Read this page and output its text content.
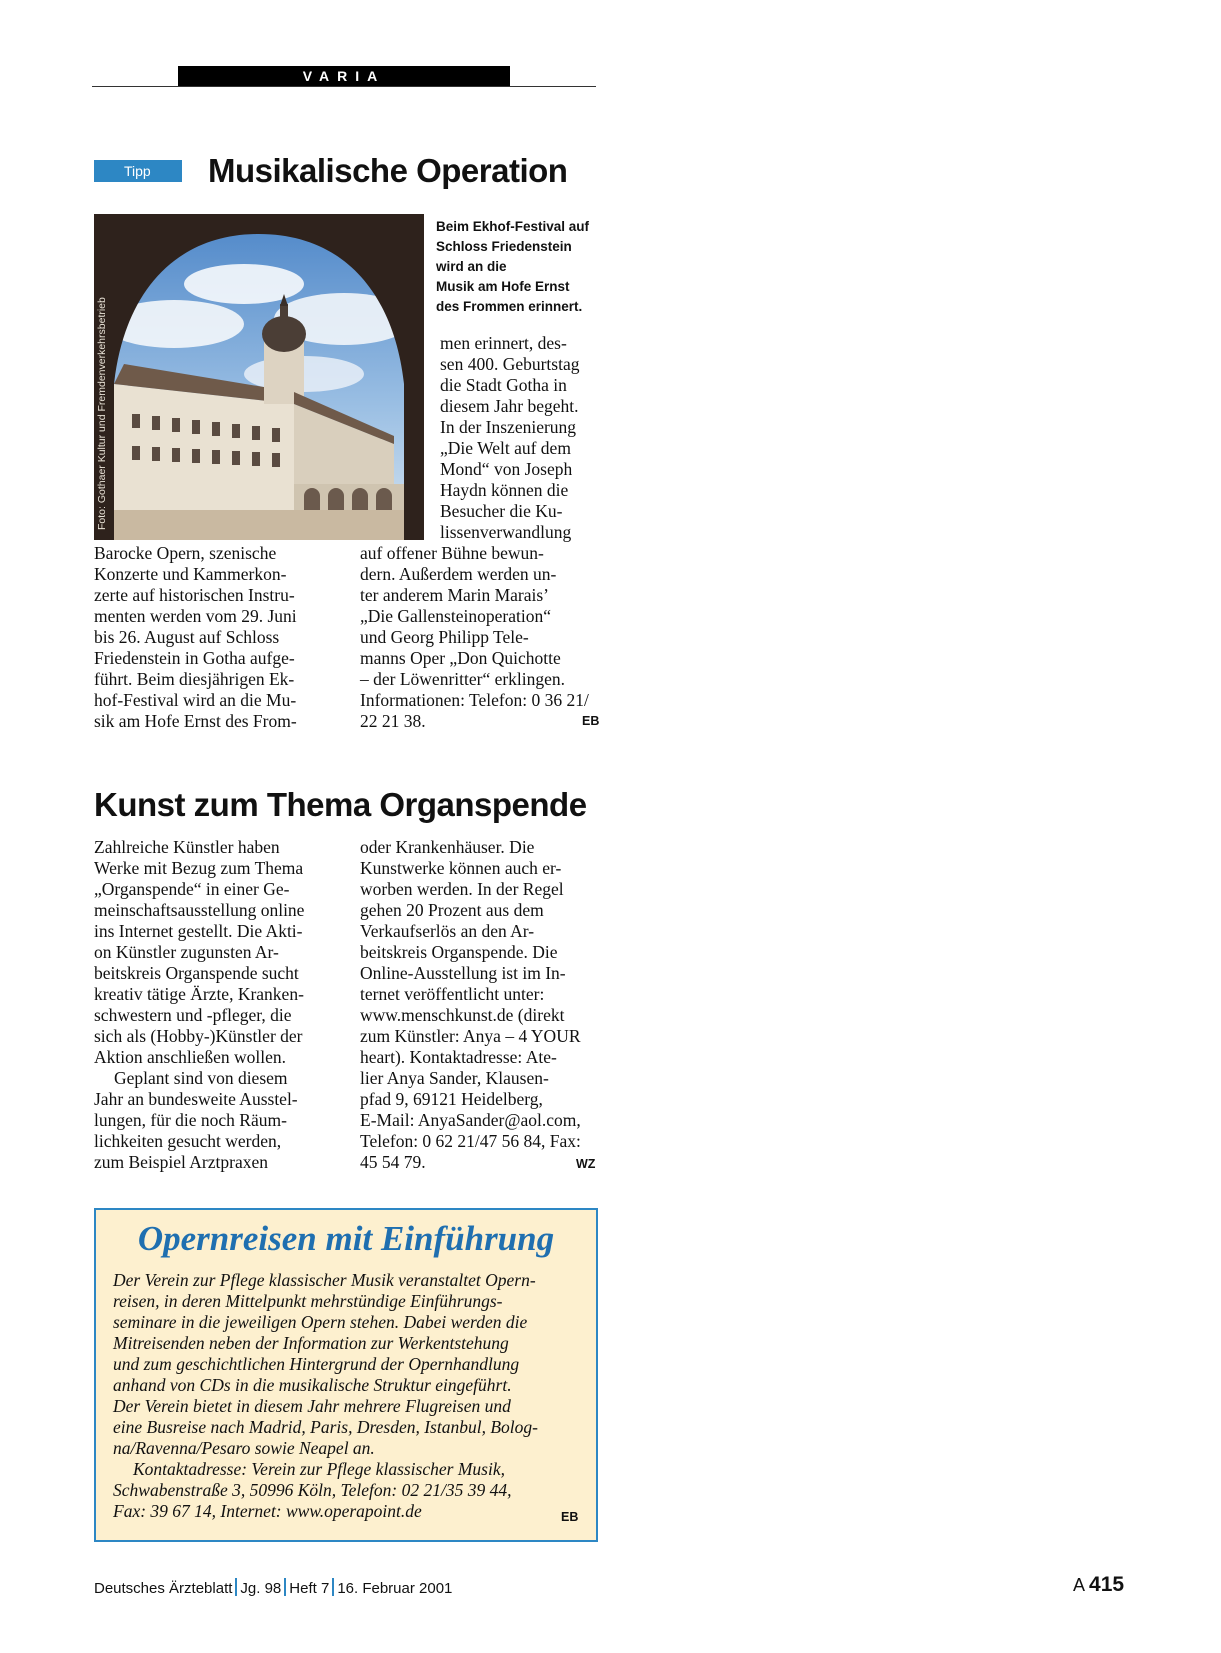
VARIA
Tipp	Musikalische Operation
Foto: Gothaer Kultur und Fremdenverkehrsbetrieb
Beim Ekhof-Festival auf
Schloss Friedenstein
wird an die
Musik am Hofe Ernst
des Frommen erinnert.
men erinnert, des-
sen 400. Geburtstag
die Stadt Gotha in
diesem Jahr begeht.
In der Inszenierung
„Die Welt auf dem
Mond“ von Joseph
Haydn können die
Besucher die Ku-
lissenverwandlung
Barocke Opern, szenische
Konzerte und Kammerkon-
zerte auf historischen Instru-
menten werden vom 29. Juni
bis 26. August auf Schloss
Friedenstein in Gotha aufge-
führt. Beim diesjährigen Ek-
hof-Festival wird an die Mu-
sik am Hofe Ernst des From-
auf offener Bühne bewun-
dern. Außerdem werden un-
ter anderem Marin Marais’
„Die Gallensteinoperation“
und Georg Philipp Tele-
manns Oper „Don Quichotte
– der Löwenritter“ erklingen.
Informationen: Telefon: 0 36 21/
22 21 38.	EB
Kunst zum Thema Organspende
Zahlreiche Künstler haben
Werke mit Bezug zum Thema
„Organspende“ in einer Ge-
meinschaftsausstellung online
ins Internet gestellt. Die Akti-
on Künstler zugunsten Ar-
beitskreis Organspende sucht
kreativ tätige Ärzte, Kranken-
schwestern und -pfleger, die
sich als (Hobby-)Künstler der
Aktion anschließen wollen.
Geplant sind von diesem
Jahr an bundesweite Ausstel-
lungen, für die noch Räum-
lichkeiten gesucht werden,
zum Beispiel Arztpraxen
oder Krankenhäuser. Die
Kunstwerke können auch er-
worben werden. In der Regel
gehen 20 Prozent aus dem
Verkaufserlös an den Ar-
beitskreis Organspende. Die
Online-Ausstellung ist im In-
ternet veröffentlicht unter:
www.menschkunst.de (direkt
zum Künstler: Anya – 4 YOUR
heart). Kontaktadresse: Ate-
lier Anya Sander, Klausen-
pfad 9, 69121 Heidelberg,
E-Mail: AnyaSander@aol.com,
Telefon: 0 62 21/47 56 84, Fax:
45 54 79.	WZ
Opernreisen mit Einführung
Der Verein zur Pflege klassischer Musik veranstaltet Opern-
reisen, in deren Mittelpunkt mehrstündige Einführungs-
seminare in die jeweiligen Opern stehen. Dabei werden die
Mitreisenden neben der Information zur Werkentstehung
und zum geschichtlichen Hintergrund der Opernhandlung
anhand von CDs in die musikalische Struktur eingeführt.
Der Verein bietet in diesem Jahr mehrere Flugreisen und
eine Busreise nach Madrid, Paris, Dresden, Istanbul, Bolog-
na/Ravenna/Pesaro sowie Neapel an.
Kontaktadresse: Verein zur Pflege klassischer Musik,
Schwabenstraße 3, 50996 Köln, Telefon: 02 21/35 39 44,
Fax: 39 67 14, Internet: www.operapoint.de	EB
Deutsches Ärzteblatt Jg. 98 Heft 7 16. Februar 2001	A 415
